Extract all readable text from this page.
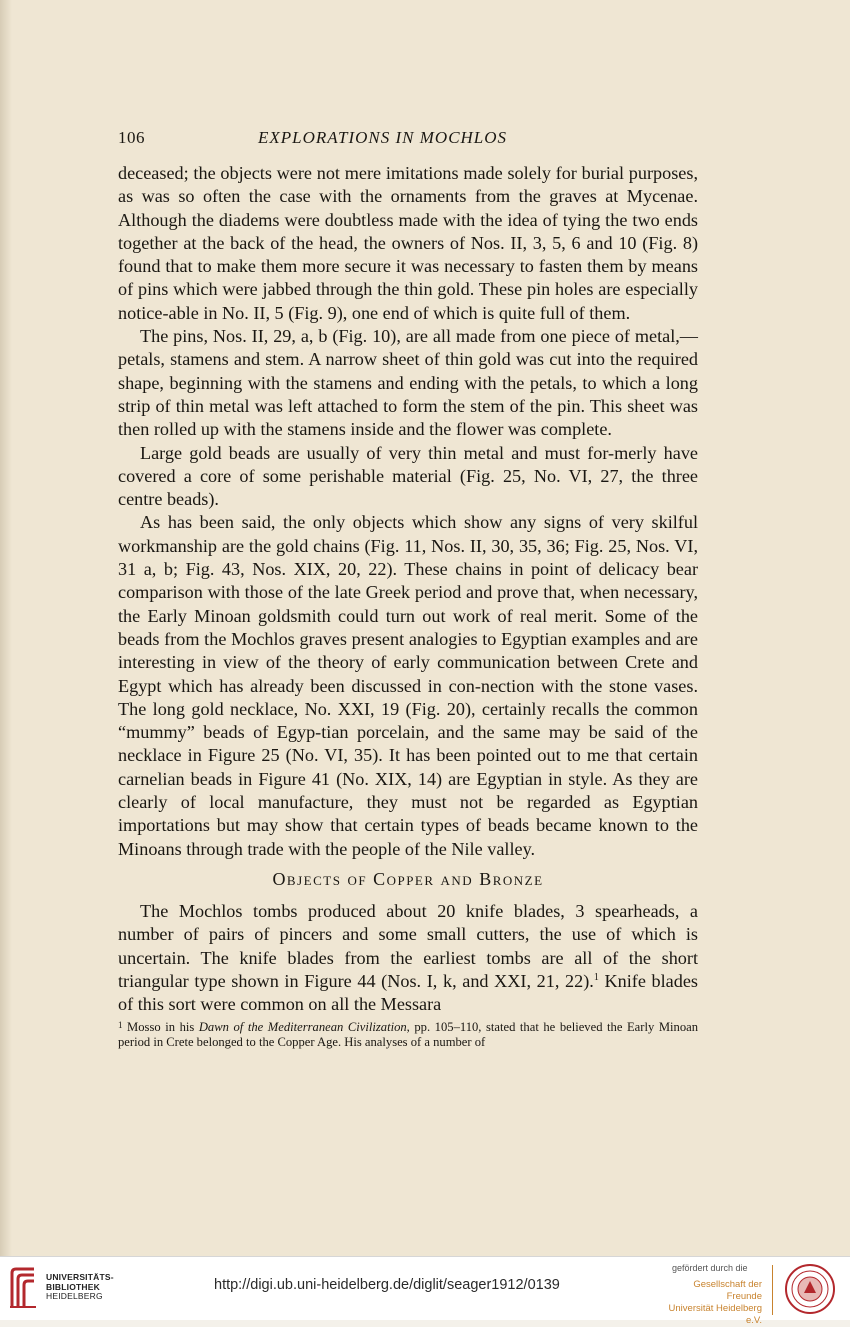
106	EXPLORATIONS IN MOCHLOS

deceased; the objects were not mere imitations made solely for burial purposes, as was so often the case with the ornaments from the graves at Mycenae. Although the diadems were doubtless made with the idea of tying the two ends together at the back of the head, the owners of Nos. II, 3, 5, 6 and 10 (Fig. 8) found that to make them more secure it was necessary to fasten them by means of pins which were jabbed through the thin gold. These pin holes are especially notice-able in No. II, 5 (Fig. 9), one end of which is quite full of them.

The pins, Nos. II, 29, a, b (Fig. 10), are all made from one piece of metal,—petals, stamens and stem. A narrow sheet of thin gold was cut into the required shape, beginning with the stamens and ending with the petals, to which a long strip of thin metal was left attached to form the stem of the pin. This sheet was then rolled up with the stamens inside and the flower was complete.

Large gold beads are usually of very thin metal and must for-merly have covered a core of some perishable material (Fig. 25, No. VI, 27, the three centre beads).

As has been said, the only objects which show any signs of very skilful workmanship are the gold chains (Fig. 11, Nos. II, 30, 35, 36; Fig. 25, Nos. VI, 31 a, b; Fig. 43, Nos. XIX, 20, 22). These chains in point of delicacy bear comparison with those of the late Greek period and prove that, when necessary, the Early Minoan goldsmith could turn out work of real merit. Some of the beads from the Mochlos graves present analogies to Egyptian examples and are interesting in view of the theory of early communication between Crete and Egypt which has already been discussed in con-nection with the stone vases. The long gold necklace, No. XXI, 19 (Fig. 20), certainly recalls the common “mummy” beads of Egyp-tian porcelain, and the same may be said of the necklace in Figure 25 (No. VI, 35). It has been pointed out to me that certain carnelian beads in Figure 41 (No. XIX, 14) are Egyptian in style. As they are clearly of local manufacture, they must not be regarded as Egyptian importations but may show that certain types of beads became known to the Minoans through trade with the people of the Nile valley.

Objects of Copper and Bronze

The Mochlos tombs produced about 20 knife blades, 3 spearheads, a number of pairs of pincers and some small cutters, the use of which is uncertain. The knife blades from the earliest tombs are all of the short triangular type shown in Figure 44 (Nos. I, k, and XXI, 21, 22).$^1$ Knife blades of this sort were common on all the Messara

$^1$ Mosso in his Dawn of the Mediterranean Civilization, pp. 105–110, stated that he believed the Early Minoan period in Crete belonged to the Copper Age. His analyses of a number of
UNIVERSITÄTS-
BIBLIOTHEK
HEIDELBERG
http://digi.ub.uni-heidelberg.de/diglit/seager1912/0139
gefördert durch die
Gesellschaft der Freunde
Universität Heidelberg e.V.
